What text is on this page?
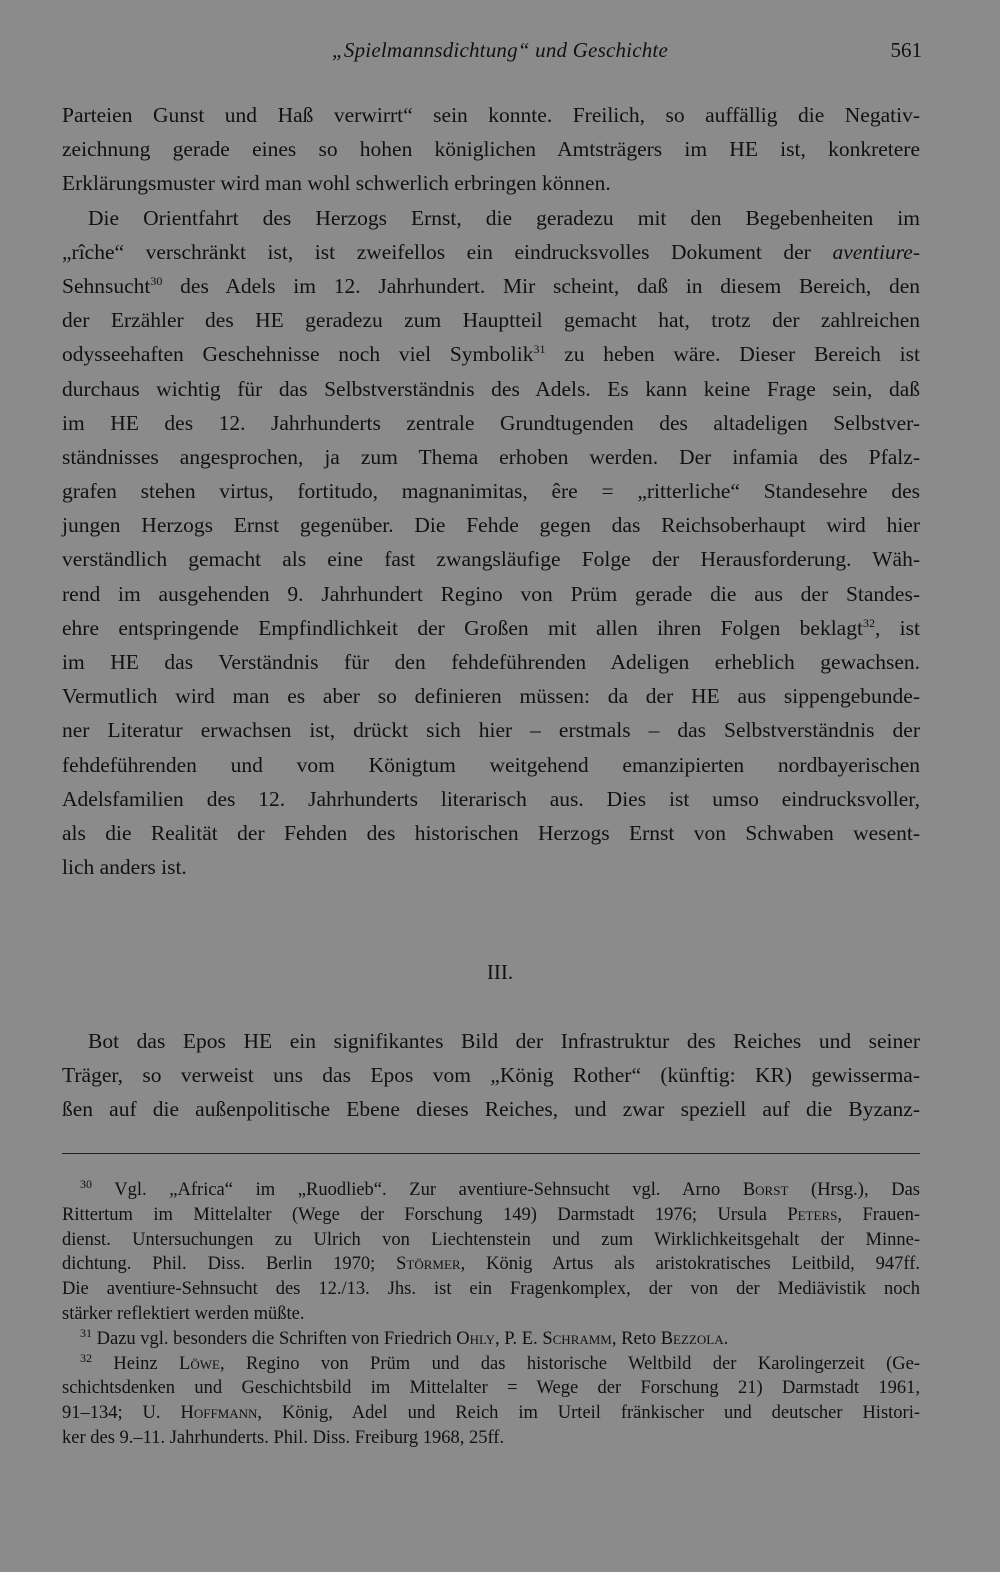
„Spielmannsdichtung“ und Geschichte	561
Parteien Gunst und Haß verwirrt“ sein konnte. Freilich, so auffällig die Negativ-
zeichnung gerade eines so hohen königlichen Amtsträgers im HE ist, konkretere
Erklärungsmuster wird man wohl schwerlich erbringen können.
Die Orientfahrt des Herzogs Ernst, die geradezu mit den Begebenheiten im
„rîche“ verschränkt ist, ist zweifellos ein eindrucksvolles Dokument der aventiure-
Sehnsucht$^{30}$ des Adels im 12. Jahrhundert. Mir scheint, daß in diesem Bereich, den
der Erzähler des HE geradezu zum Hauptteil gemacht hat, trotz der zahlreichen
odysseehaften Geschehnisse noch viel Symbolik$^{31}$ zu heben wäre. Dieser Bereich ist
durchaus wichtig für das Selbstverständnis des Adels. Es kann keine Frage sein, daß
im HE des 12. Jahrhunderts zentrale Grundtugenden des altadeligen Selbstver-
ständnisses angesprochen, ja zum Thema erhoben werden. Der infamia des Pfalz-
grafen stehen virtus, fortitudo, magnanimitas, êre = „ritterliche“ Standesehre des
jungen Herzogs Ernst gegenüber. Die Fehde gegen das Reichsoberhaupt wird hier
verständlich gemacht als eine fast zwangsläufige Folge der Herausforderung. Wäh-
rend im ausgehenden 9. Jahrhundert Regino von Prüm gerade die aus der Standes-
ehre entspringende Empfindlichkeit der Großen mit allen ihren Folgen beklagt$^{32}$, ist
im HE das Verständnis für den fehdeführenden Adeligen erheblich gewachsen.
Vermutlich wird man es aber so definieren müssen: da der HE aus sippengebunde-
ner Literatur erwachsen ist, drückt sich hier – erstmals – das Selbstverständnis der
fehdeführenden und vom Königtum weitgehend emanzipierten nordbayerischen
Adelsfamilien des 12. Jahrhunderts literarisch aus. Dies ist umso eindrucksvoller,
als die Realität der Fehden des historischen Herzogs Ernst von Schwaben wesent-
lich anders ist.
III.
Bot das Epos HE ein signifikantes Bild der Infrastruktur des Reiches und seiner
Träger, so verweist uns das Epos vom „König Rother“ (künftig: KR) gewisserma-
ßen auf die außenpolitische Ebene dieses Reiches, und zwar speziell auf die Byzanz-
$^{30}$ Vgl. „Africa“ im „Ruodlieb“. Zur aventiure-Sehnsucht vgl. Arno Borst (Hrsg.), Das
Rittertum im Mittelalter (Wege der Forschung 149) Darmstadt 1976; Ursula Peters, Frauen-
dienst. Untersuchungen zu Ulrich von Liechtenstein und zum Wirklichkeitsgehalt der Minne-
dichtung. Phil. Diss. Berlin 1970; Störmer, König Artus als aristokratisches Leitbild, 947ff.
Die aventiure-Sehnsucht des 12./13. Jhs. ist ein Fragenkomplex, der von der Mediävistik noch
stärker reflektiert werden müßte.
$^{31}$ Dazu vgl. besonders die Schriften von Friedrich Ohly, P. E. Schramm, Reto Bezzola.
$^{32}$ Heinz Löwe, Regino von Prüm und das historische Weltbild der Karolingerzeit (Ge-
schichtsdenken und Geschichtsbild im Mittelalter = Wege der Forschung 21) Darmstadt 1961,
91–134; U. Hoffmann, König, Adel und Reich im Urteil fränkischer und deutscher Histori-
ker des 9.–11. Jahrhunderts. Phil. Diss. Freiburg 1968, 25ff.
